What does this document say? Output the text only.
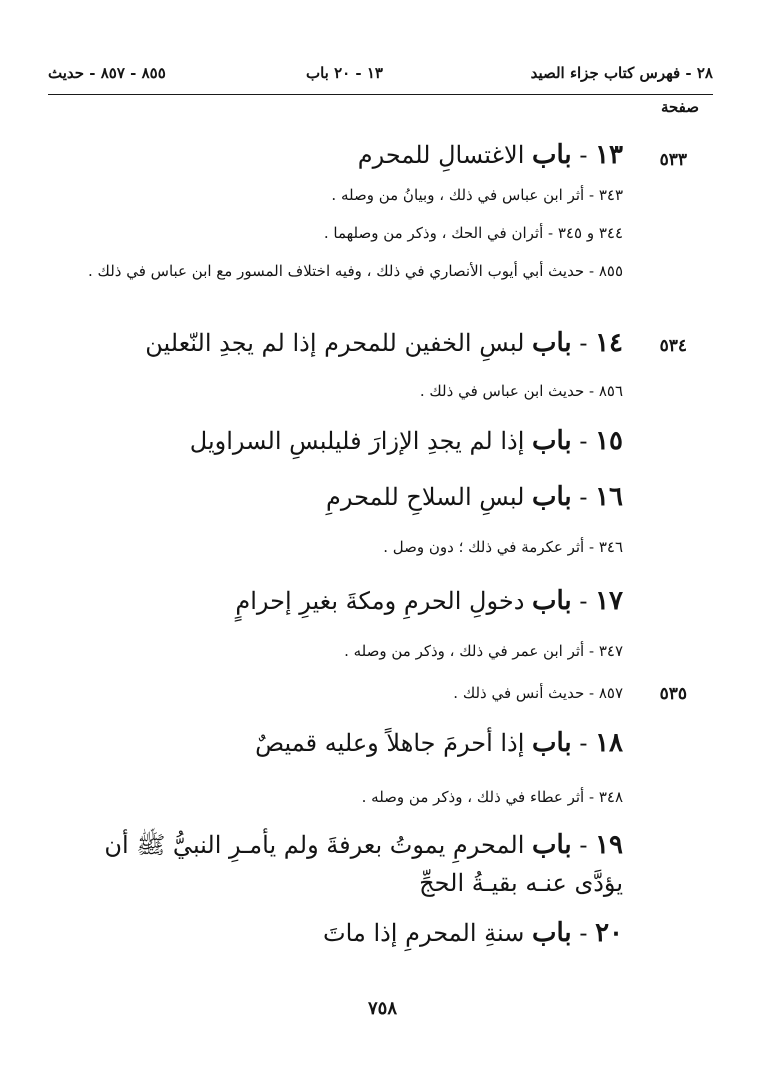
٢٨ - فهرس كتاب جزاء الصيد
١٣ - ٢٠ باب
٨٥٥ - ٨٥٧ - حديث
صفحة
٥٣٣
١٣ - باب الاغتسالِ للمحرم
٣٤٣ - أثر ابن عباس في ذلك ، وبيانُ من وصله .
٣٤٤ و ٣٤٥ - أثران في الحك ، وذكر من وصلهما .
٨٥٥ - حديث أبي أيوب الأنصاري في ذلك ، وفيه اختلاف المسور مع ابن عباس في ذلك .
٥٣٤
١٤ - باب لبسِ الخفين للمحرم إذا لم يجدِ النّعلين
٨٥٦ - حديث ابن عباس في ذلك .
١٥ - باب إذا لم يجدِ الإزارَ فليلبسِ السراويل
١٦ - باب لبسِ السلاحِ للمحرمِ
٣٤٦ - أثر عكرمة في ذلك ؛ دون وصل .
١٧ - باب دخولِ الحرمِ ومكةَ بغيرِ إحرامٍ
٣٤٧ - أثر ابن عمر في ذلك ، وذكر من وصله .
٥٣٥
٨٥٧ - حديث أنس في ذلك .
١٨ - باب إذا أحرمَ جاهلاً وعليه قميصٌ
٣٤٨ - أثر عطاء في ذلك ، وذكر من وصله .
١٩ - باب المحرمِ يموتُ بعرفةَ ولم يأمـرِ النبيُّ ﷺ أن يؤدَّى عنـه بقيـةُ الحجِّ
٢٠ - باب سنةِ المحرمِ إذا ماتَ
٧٥٨
